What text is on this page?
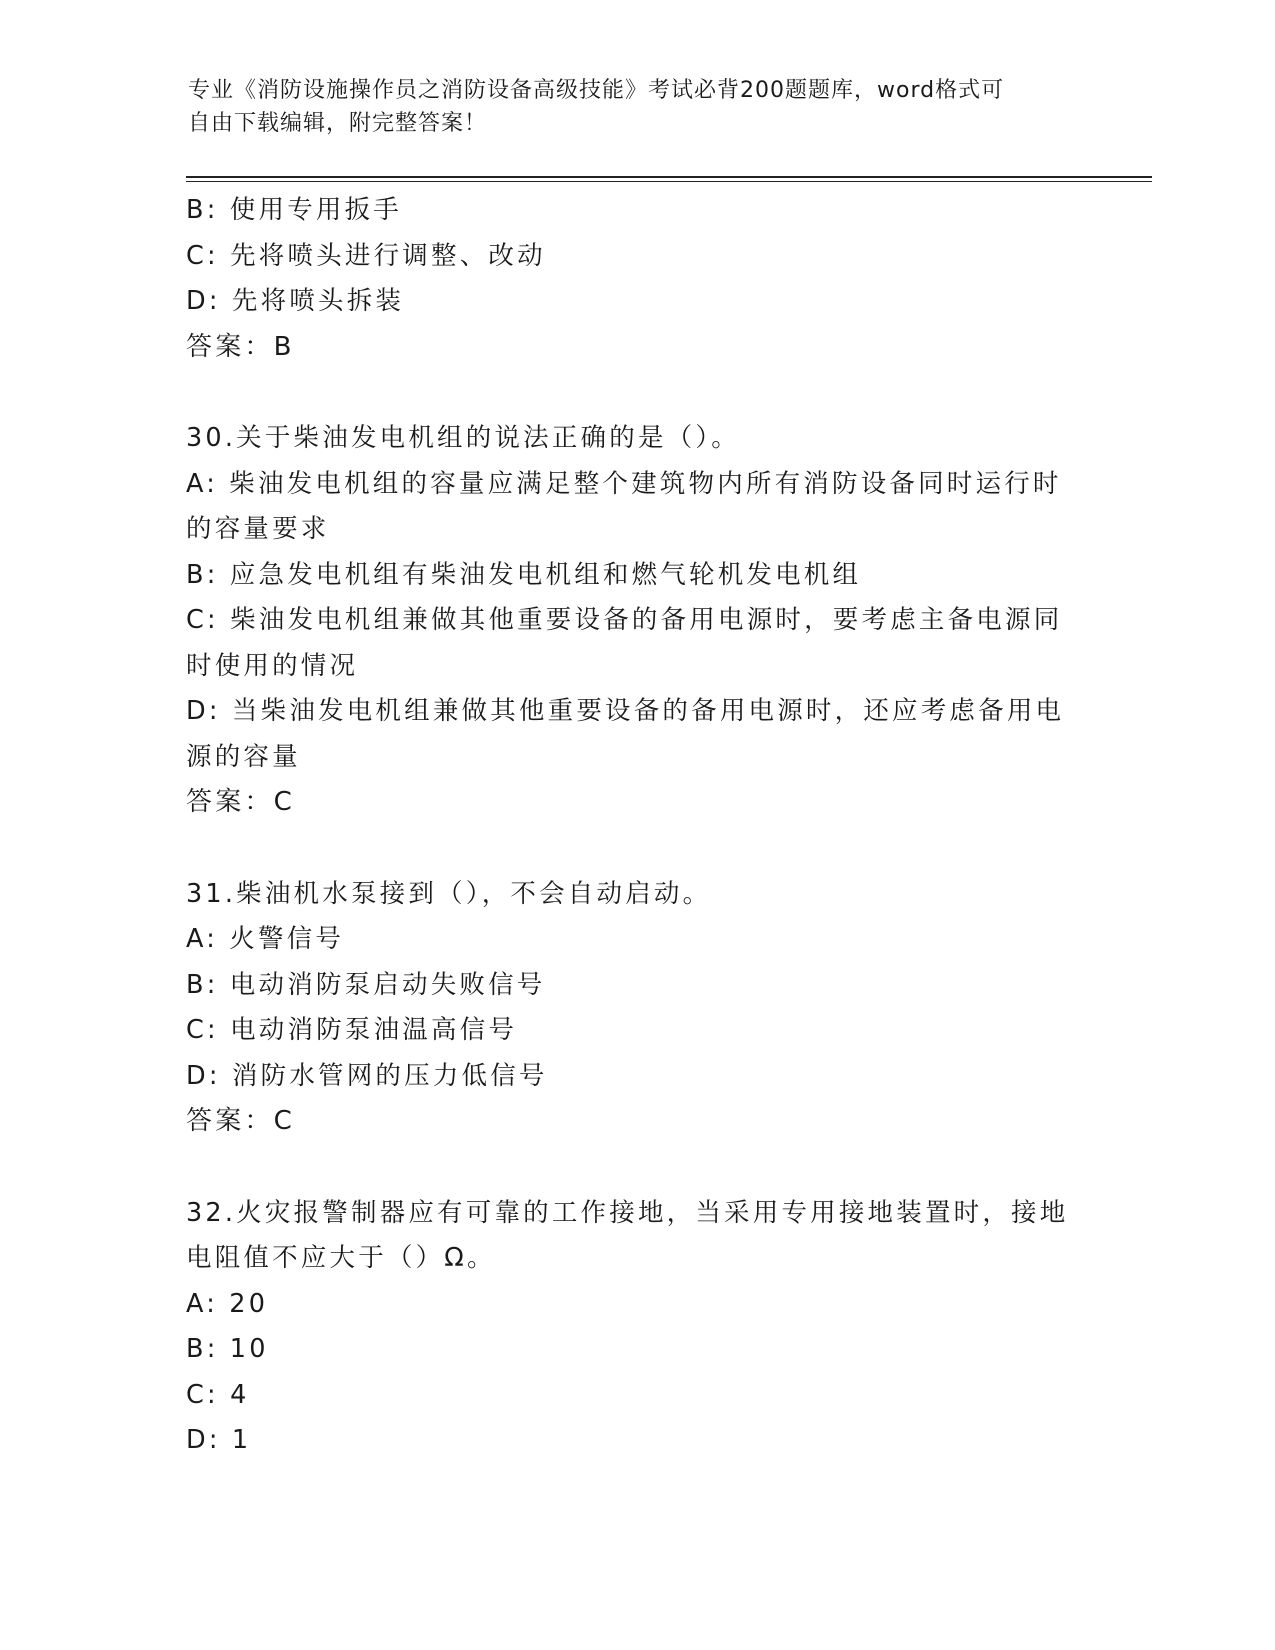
专业《消防设施操作员之消防设备高级技能》考试必背200题题库，word格式可
自由下载编辑，附完整答案！

B: 使用专用扳手

C: 先将喷头进行调整、改动

D: 先将喷头拆装

答案：B

30.关于柴油发电机组的说法正确的是（）。

A: 柴油发电机组的容量应满足整个建筑物内所有消防设备同时运行时

的容量要求

B: 应急发电机组有柴油发电机组和燃气轮机发电机组

C: 柴油发电机组兼做其他重要设备的备用电源时，要考虑主备电源同

时使用的情况

D: 当柴油发电机组兼做其他重要设备的备用电源时，还应考虑备用电

源的容量

答案：C

31.柴油机水泵接到（），不会自动启动。

A: 火警信号

B: 电动消防泵启动失败信号

C: 电动消防泵油温高信号

D: 消防水管网的压力低信号

答案：C

32.火灾报警制器应有可靠的工作接地，当采用专用接地装置时，接地

电阻值不应大于（）Ω。

A: 20

B: 10

C: 4

D: 1
